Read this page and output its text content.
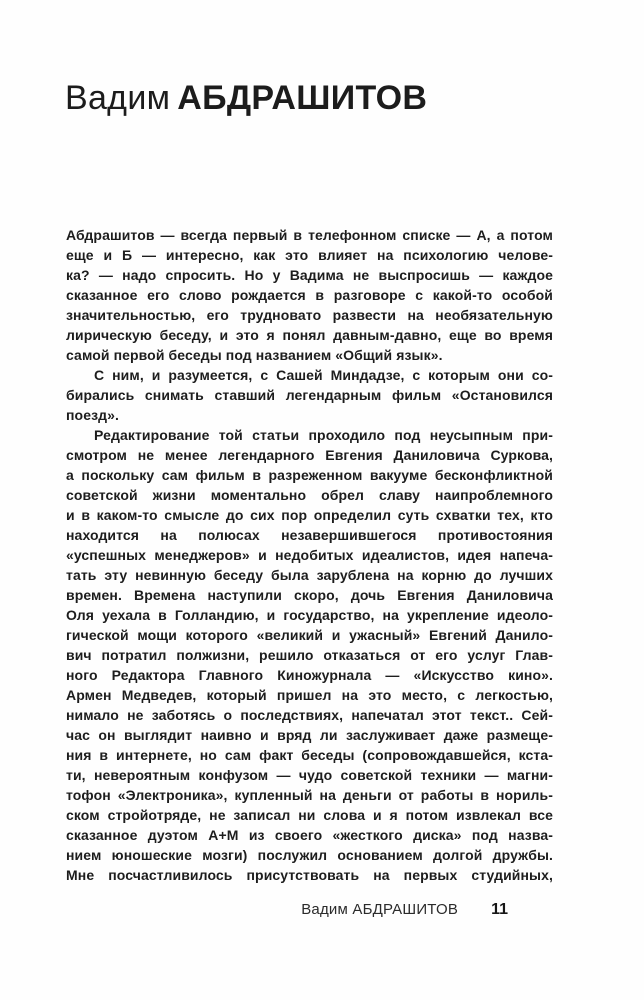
Вадим АБДРАШИТОВ
Абдрашитов — всегда первый в телефонном списке — А, а потом
еще и Б — интересно, как это влияет на психологию челове-
ка? — надо спросить. Но у Вадима не выспросишь — каждое
сказанное его слово рождается в разговоре с какой-то особой
значительностью, его трудновато развести на необязательную
лирическую беседу, и это я понял давным-давно, еще во время
самой первой беседы под названием «Общий язык».
С ним, и разумеется, с Сашей Миндадзе, с которым они со-
бирались снимать ставший легендарным фильм «Остановился
поезд».
Редактирование той статьи проходило под неусыпным при-
смотром не менее легендарного Евгения Даниловича Суркова,
а поскольку сам фильм в разреженном вакууме бесконфликтной
советской жизни моментально обрел славу наипроблемного
и в каком-то смысле до сих пор определил суть схватки тех, кто
находится на полюсах незавершившегося противостояния
«успешных менеджеров» и недобитых идеалистов, идея напеча-
тать эту невинную беседу была зарублена на корню до лучших
времен. Времена наступили скоро, дочь Евгения Даниловича
Оля уехала в Голландию, и государство, на укрепление идеоло-
гической мощи которого «великий и ужасный» Евгений Данило-
вич потратил полжизни, решило отказаться от его услуг Глав-
ного Редактора Главного Киножурнала — «Искусство кино».
Армен Медведев, который пришел на это место, с легкостью,
нимало не заботясь о последствиях, напечатал этот текст.. Сей-
час он выглядит наивно и вряд ли заслуживает даже размеще-
ния в интернете, но сам факт беседы (сопровождавшейся, кста-
ти, невероятным конфузом — чудо советской техники — магни-
тофон «Электроника», купленный на деньги от работы в нориль-
ском стройотряде, не записал ни слова и я потом извлекал все
сказанное дуэтом А+М из своего «жесткого диска» под назва-
нием юношеские мозги) послужил основанием долгой дружбы.
Мне посчастливилось присутствовать на первых студийных,
Вадим АБДРАШИТОВ 11
